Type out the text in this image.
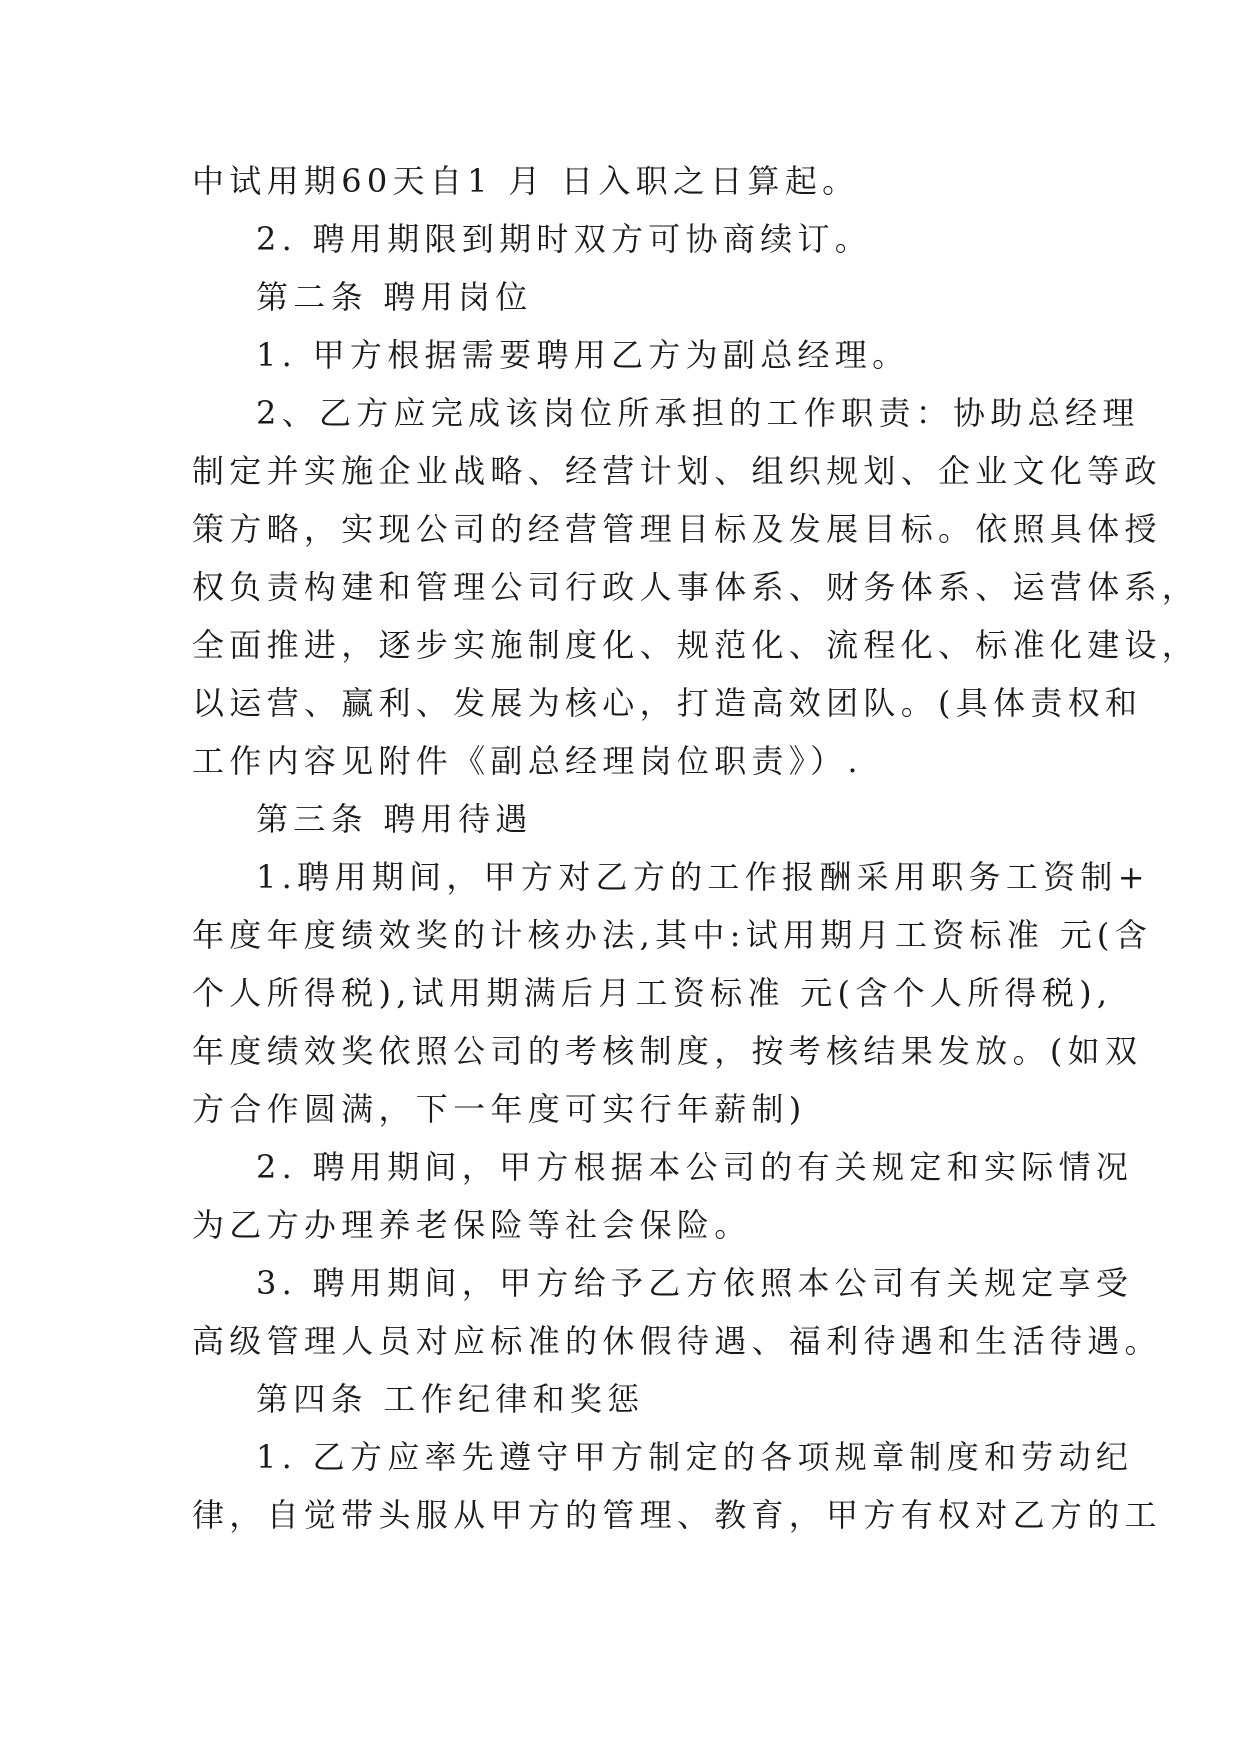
中试用期60天自1 月 日入职之日算起。
2. 聘用期限到期时双方可协商续订。
第二条 聘用岗位
1. 甲方根据需要聘用乙方为副总经理。
2、乙方应完成该岗位所承担的工作职责：协助总经理
制定并实施企业战略、经营计划、组织规划、企业文化等政
策方略，实现公司的经营管理目标及发展目标。依照具体授
权负责构建和管理公司行政人事体系、财务体系、运营体系，
全面推进，逐步实施制度化、规范化、流程化、标准化建设，
以运营、赢利、发展为核心，打造高效团队。(具体责权和
工作内容见附件《副总经理岗位职责》）.
第三条 聘用待遇
1.聘用期间，甲方对乙方的工作报酬采用职务工资制+
年度年度绩效奖的计核办法,其中:试用期月工资标准 元(含
个人所得税),试用期满后月工资标准 元(含个人所得税),
年度绩效奖依照公司的考核制度，按考核结果发放。(如双
方合作圆满，下一年度可实行年薪制)
2. 聘用期间，甲方根据本公司的有关规定和实际情况
为乙方办理养老保险等社会保险。
3. 聘用期间，甲方给予乙方依照本公司有关规定享受
高级管理人员对应标准的休假待遇、福利待遇和生活待遇。
第四条 工作纪律和奖惩
1. 乙方应率先遵守甲方制定的各项规章制度和劳动纪
律，自觉带头服从甲方的管理、教育，甲方有权对乙方的工
